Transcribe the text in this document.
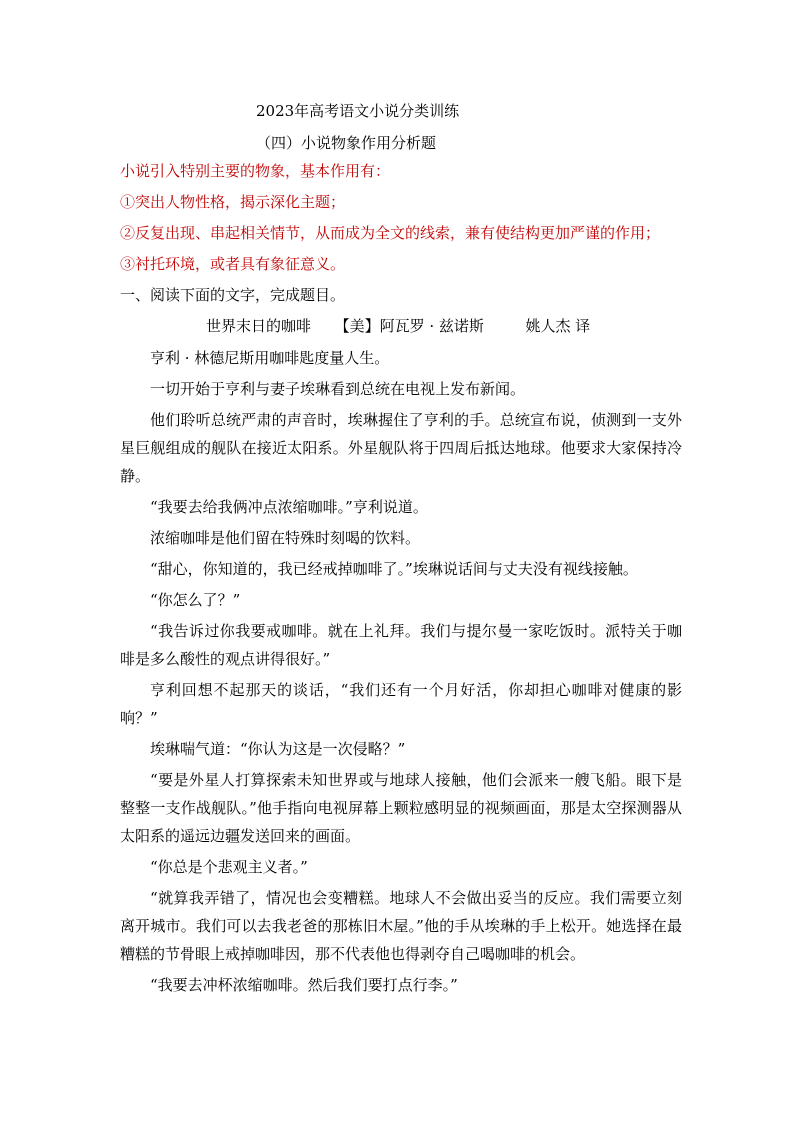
2023年高考语文小说分类训练
（四）小说物象作用分析题
小说引入特别主要的物象，基本作用有：
①突出人物性格，揭示深化主题；
②反复出现、串起相关情节，从而成为全文的线索，兼有使结构更加严谨的作用；
③衬托环境，或者具有象征意义。
一、阅读下面的文字，完成题目。
世界末日的咖啡 【美】阿瓦罗 · 兹诺斯	姚人杰 译

亨利 · 林德尼斯用咖啡匙度量人生。

一切开始于亨利与妻子埃琳看到总统在电视上发布新闻。

他们聆听总统严肃的声音时，埃琳握住了亨利的手。总统宣布说，侦测到一支外星巨舰组成的舰队在接近太阳系。外星舰队将于四周后抵达地球。他要求大家保持冷静。

“我要去给我俩冲点浓缩咖啡。”亨利说道。

浓缩咖啡是他们留在特殊时刻喝的饮料。

“甜心，你知道的，我已经戒掉咖啡了。”埃琳说话间与丈夫没有视线接触。

“你怎么了？”

“我告诉过你我要戒咖啡。就在上礼拜。我们与提尔曼一家吃饭时。派特关于咖啡是多么酸性的观点讲得很好。”

亨利回想不起那天的谈话，“我们还有一个月好活，你却担心咖啡对健康的影响？”

埃琳喘气道：“你认为这是一次侵略？”

“要是外星人打算探索未知世界或与地球人接触，他们会派来一艘飞船。眼下是整整一支作战舰队。”他手指向电视屏幕上颗粒感明显的视频画面，那是太空探测器从太阳系的遥远边疆发送回来的画面。

“你总是个悲观主义者。”

“就算我弄错了，情况也会变糟糕。地球人不会做出妥当的反应。我们需要立刻离开城市。我们可以去我老爸的那栋旧木屋。”他的手从埃琳的手上松开。她选择在最糟糕的节骨眼上戒掉咖啡因，那不代表他也得剥夺自己喝咖啡的机会。

“我要去冲杯浓缩咖啡。然后我们要打点行李。”
